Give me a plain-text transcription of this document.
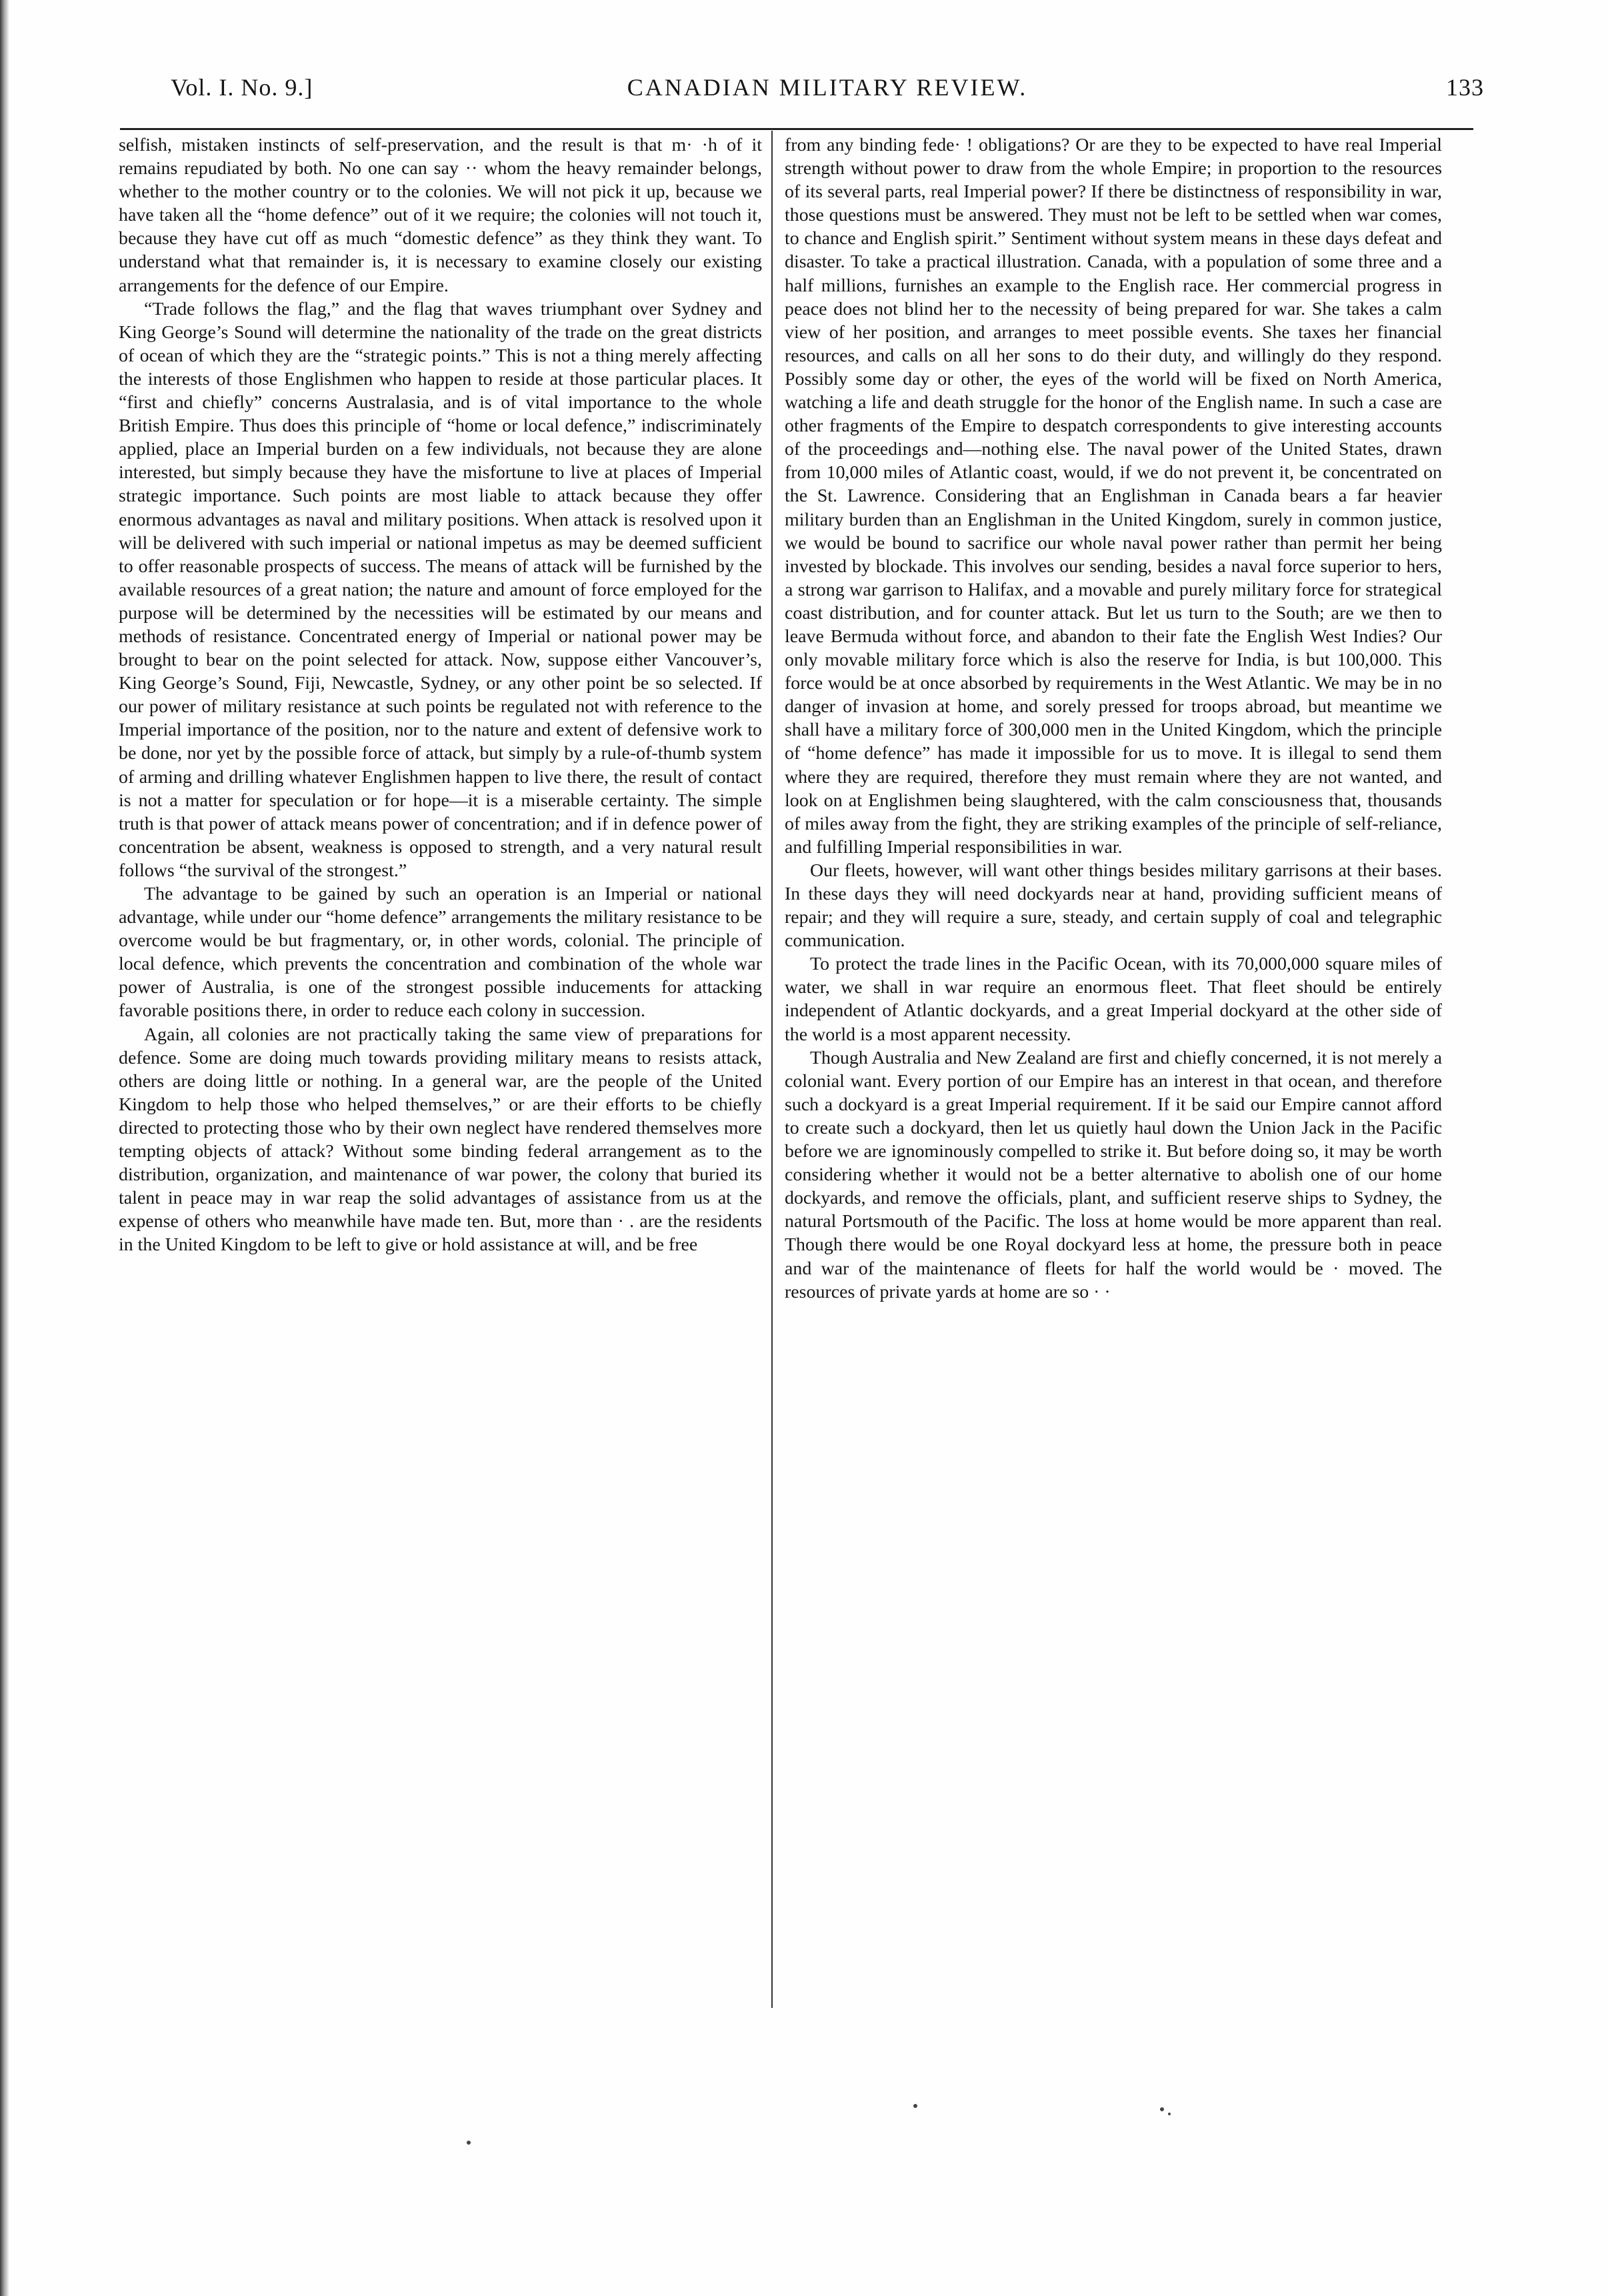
Vol. I. No. 9.]	CANADIAN MILITARY REVIEW.	133

selfish, mistaken instincts of self-preservation, and the result is that m· ·h of it remains repudiated by both. No one can say ·· whom the heavy remainder belongs, whether to the mother country or to the colonies. We will not pick it up, because we have taken all the “home defence” out of it we require; the colonies will not touch it, because they have cut off as much “domestic defence” as they think they want. To understand what that remainder is, it is necessary to examine closely our existing arrangements for the defence of our Empire.

“Trade follows the flag,” and the flag that waves triumphant over Sydney and King George’s Sound will determine the nationality of the trade on the great districts of ocean of which they are the “strategic points.” This is not a thing merely affecting the interests of those Englishmen who happen to reside at those particular places. It “first and chiefly” concerns Australasia, and is of vital importance to the whole British Empire. Thus does this principle of “home or local defence,” indiscriminately applied, place an Imperial burden on a few individuals, not because they are alone interested, but simply because they have the misfortune to live at places of Imperial strategic importance. Such points are most liable to attack because they offer enormous advantages as naval and military positions. When attack is resolved upon it will be delivered with such imperial or national impetus as may be deemed sufficient to offer reasonable prospects of success. The means of attack will be furnished by the available resources of a great nation; the nature and amount of force employed for the purpose will be determined by the necessities will be estimated by our means and methods of resistance. Concentrated energy of Imperial or national power may be brought to bear on the point selected for attack. Now, suppose either Vancouver’s, King George’s Sound, Fiji, Newcastle, Sydney, or any other point be so selected. If our power of military resistance at such points be regulated not with reference to the Imperial importance of the position, nor to the nature and extent of defensive work to be done, nor yet by the possible force of attack, but simply by a rule-of-thumb system of arming and drilling whatever Englishmen happen to live there, the result of contact is not a matter for speculation or for hope—it is a miserable certainty. The simple truth is that power of attack means power of concentration; and if in defence power of concentration be absent, weakness is opposed to strength, and a very natural result follows “the survival of the strongest.”

The advantage to be gained by such an operation is an Imperial or national advantage, while under our “home defence” arrangements the military resistance to be overcome would be but fragmentary, or, in other words, colonial. The principle of local defence, which prevents the concentration and combination of the whole war power of Australia, is one of the strongest possible inducements for attacking favorable positions there, in order to reduce each colony in succession.

Again, all colonies are not practically taking the same view of preparations for defence. Some are doing much towards providing military means to resists attack, others are doing little or nothing. In a general war, are the people of the United Kingdom to help those who helped themselves,” or are their efforts to be chiefly directed to protecting those who by their own neglect have rendered themselves more tempting objects of attack? Without some binding federal arrangement as to the distribution, organization, and maintenance of war power, the colony that buried its talent in peace may in war reap the solid advantages of assistance from us at the expense of others who meanwhile have made ten. But, more than · . are the residents in the United Kingdom to be left to give or hold assistance at will, and be free

from any binding fede· ! obligations? Or are they to be expected to have real Imperial strength without power to draw from the whole Empire; in proportion to the resources of its several parts, real Imperial power? If there be distinctness of responsibility in war, those questions must be answered. They must not be left to be settled when war comes, to chance and English spirit.” Sentiment without system means in these days defeat and disaster. To take a practical illustration. Canada, with a population of some three and a half millions, furnishes an example to the English race. Her commercial progress in peace does not blind her to the necessity of being prepared for war. She takes a calm view of her position, and arranges to meet possible events. She taxes her financial resources, and calls on all her sons to do their duty, and willingly do they respond. Possibly some day or other, the eyes of the world will be fixed on North America, watching a life and death struggle for the honor of the English name. In such a case are other fragments of the Empire to despatch correspondents to give interesting accounts of the proceedings and—nothing else. The naval power of the United States, drawn from 10,000 miles of Atlantic coast, would, if we do not prevent it, be concentrated on the St. Lawrence. Considering that an Englishman in Canada bears a far heavier military burden than an Englishman in the United Kingdom, surely in common justice, we would be bound to sacrifice our whole naval power rather than permit her being invested by blockade. This involves our sending, besides a naval force superior to hers, a strong war garrison to Halifax, and a movable and purely military force for strategical coast distribution, and for counter attack. But let us turn to the South; are we then to leave Bermuda without force, and abandon to their fate the English West Indies? Our only movable military force which is also the reserve for India, is but 100,000. This force would be at once absorbed by requirements in the West Atlantic. We may be in no danger of invasion at home, and sorely pressed for troops abroad, but meantime we shall have a military force of 300,000 men in the United Kingdom, which the principle of “home defence” has made it impossible for us to move. It is illegal to send them where they are required, therefore they must remain where they are not wanted, and look on at Englishmen being slaughtered, with the calm consciousness that, thousands of miles away from the fight, they are striking examples of the principle of self-reliance, and fulfilling Imperial responsibilities in war.

Our fleets, however, will want other things besides military garrisons at their bases. In these days they will need dockyards near at hand, providing sufficient means of repair; and they will require a sure, steady, and certain supply of coal and telegraphic communication.

To protect the trade lines in the Pacific Ocean, with its 70,000,000 square miles of water, we shall in war require an enormous fleet. That fleet should be entirely independent of Atlantic dockyards, and a great Imperial dockyard at the other side of the world is a most apparent necessity.

Though Australia and New Zealand are first and chiefly concerned, it is not merely a colonial want. Every portion of our Empire has an interest in that ocean, and therefore such a dockyard is a great Imperial requirement. If it be said our Empire cannot afford to create such a dockyard, then let us quietly haul down the Union Jack in the Pacific before we are ignominously compelled to strike it. But before doing so, it may be worth considering whether it would not be a better alternative to abolish one of our home dockyards, and remove the officials, plant, and sufficient reserve ships to Sydney, the natural Portsmouth of the Pacific. The loss at home would be more apparent than real. Though there would be one Royal dockyard less at home, the pressure both in peace and war of the maintenance of fleets for half the world would be · moved. The resources of private yards at home are so · ·
